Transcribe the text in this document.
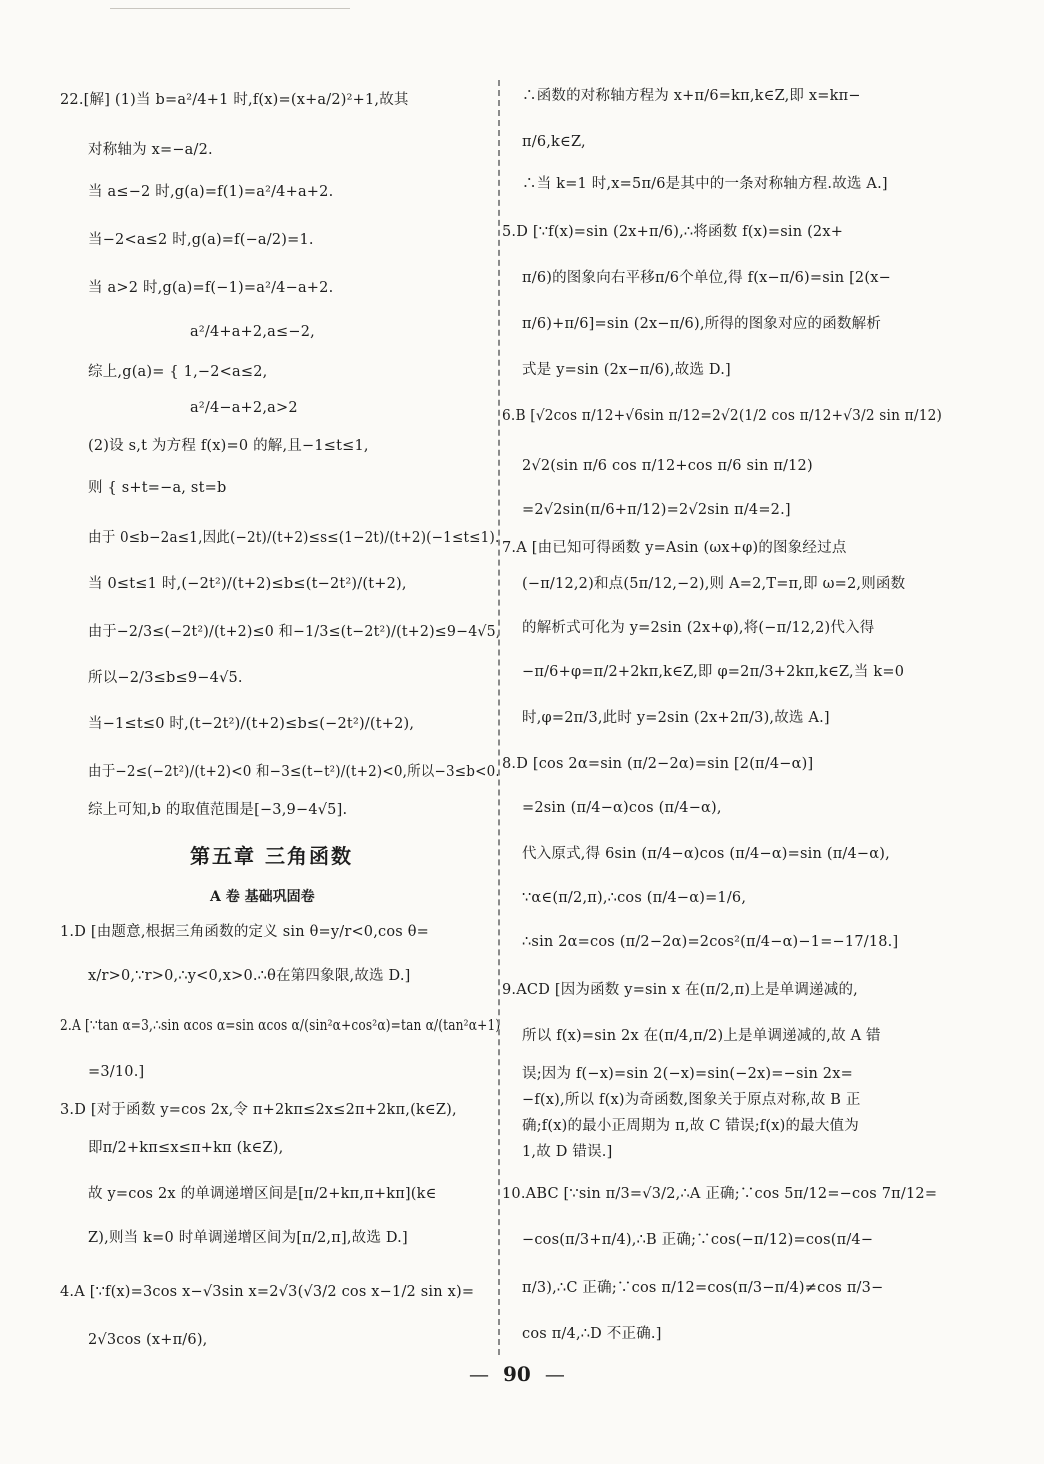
22.[解] (1)当 b=a²/4+1 时,f(x)=(x+a/2)²+1,故其
对称轴为 x=−a/2.
当 a≤−2 时,g(a)=f(1)=a²/4+a+2.
当−2<a≤2 时,g(a)=f(−a/2)=1.
当 a>2 时,g(a)=f(−1)=a²/4−a+2.
a²/4+a+2,a≤−2,
综上,g(a)= { 1,−2<a≤2,
a²/4−a+2,a>2
(2)设 s,t 为方程 f(x)=0 的解,且−1≤t≤1,
则 { s+t=−a, st=b
由于 0≤b−2a≤1,因此(−2t)/(t+2)≤s≤(1−2t)/(t+2)(−1≤t≤1).
当 0≤t≤1 时,(−2t²)/(t+2)≤b≤(t−2t²)/(t+2),
由于−2/3≤(−2t²)/(t+2)≤0 和−1/3≤(t−2t²)/(t+2)≤9−4√5,
所以−2/3≤b≤9−4√5.
当−1≤t≤0 时,(t−2t²)/(t+2)≤b≤(−2t²)/(t+2),
由于−2≤(−2t²)/(t+2)<0 和−3≤(t−t²)/(t+2)<0,所以−3≤b<0.
综上可知,b 的取值范围是[−3,9−4√5].
第五章 三角函数
A 卷 基础巩固卷
1.D [由题意,根据三角函数的定义 sin θ=y/r<0,cos θ=
x/r>0,∵r>0,∴y<0,x>0.∴θ在第四象限,故选 D.]
2.A [∵tan α=3,∴sin αcos α=sin αcos α/(sin²α+cos²α)=tan α/(tan²α+1)
=3/10.]
3.D [对于函数 y=cos 2x,令 π+2kπ≤2x≤2π+2kπ,(k∈Z),
即π/2+kπ≤x≤π+kπ (k∈Z),
故 y=cos 2x 的单调递增区间是[π/2+kπ,π+kπ](k∈
Z),则当 k=0 时单调递增区间为[π/2,π],故选 D.]
4.A [∵f(x)=3cos x−√3sin x=2√3(√3/2 cos x−1/2 sin x)=
2√3cos (x+π/6),
∴函数的对称轴方程为 x+π/6=kπ,k∈Z,即 x=kπ−
π/6,k∈Z,
∴当 k=1 时,x=5π/6是其中的一条对称轴方程.故选 A.]
5.D [∵f(x)=sin (2x+π/6),∴将函数 f(x)=sin (2x+
π/6)的图象向右平移π/6个单位,得 f(x−π/6)=sin [2(x−
π/6)+π/6]=sin (2x−π/6),所得的图象对应的函数解析
式是 y=sin (2x−π/6),故选 D.]
6.B [√2cos π/12+√6sin π/12=2√2(1/2 cos π/12+√3/2 sin π/12)
2√2(sin π/6 cos π/12+cos π/6 sin π/12)
=2√2sin(π/6+π/12)=2√2sin π/4=2.]
7.A [由已知可得函数 y=Asin (ωx+φ)的图象经过点
(−π/12,2)和点(5π/12,−2),则 A=2,T=π,即 ω=2,则函数
的解析式可化为 y=2sin (2x+φ),将(−π/12,2)代入得
−π/6+φ=π/2+2kπ,k∈Z,即 φ=2π/3+2kπ,k∈Z,当 k=0
时,φ=2π/3,此时 y=2sin (2x+2π/3),故选 A.]
8.D [cos 2α=sin (π/2−2α)=sin [2(π/4−α)]
=2sin (π/4−α)cos (π/4−α),
代入原式,得 6sin (π/4−α)cos (π/4−α)=sin (π/4−α),
∵α∈(π/2,π),∴cos (π/4−α)=1/6,
∴sin 2α=cos (π/2−2α)=2cos²(π/4−α)−1=−17/18.]
9.ACD [因为函数 y=sin x 在(π/2,π)上是单调递减的,
所以 f(x)=sin 2x 在(π/4,π/2)上是单调递减的,故 A 错
误;因为 f(−x)=sin 2(−x)=sin(−2x)=−sin 2x=
−f(x),所以 f(x)为奇函数,图象关于原点对称,故 B 正
确;f(x)的最小正周期为 π,故 C 错误;f(x)的最大值为
1,故 D 错误.]
10.ABC [∵sin π/3=√3/2,∴A 正确;∵cos 5π/12=−cos 7π/12=
−cos(π/3+π/4),∴B 正确;∵cos(−π/12)=cos(π/4−
π/3),∴C 正确;∵cos π/12=cos(π/3−π/4)≠cos π/3−
cos π/4,∴D 不正确.]
— 90 —
